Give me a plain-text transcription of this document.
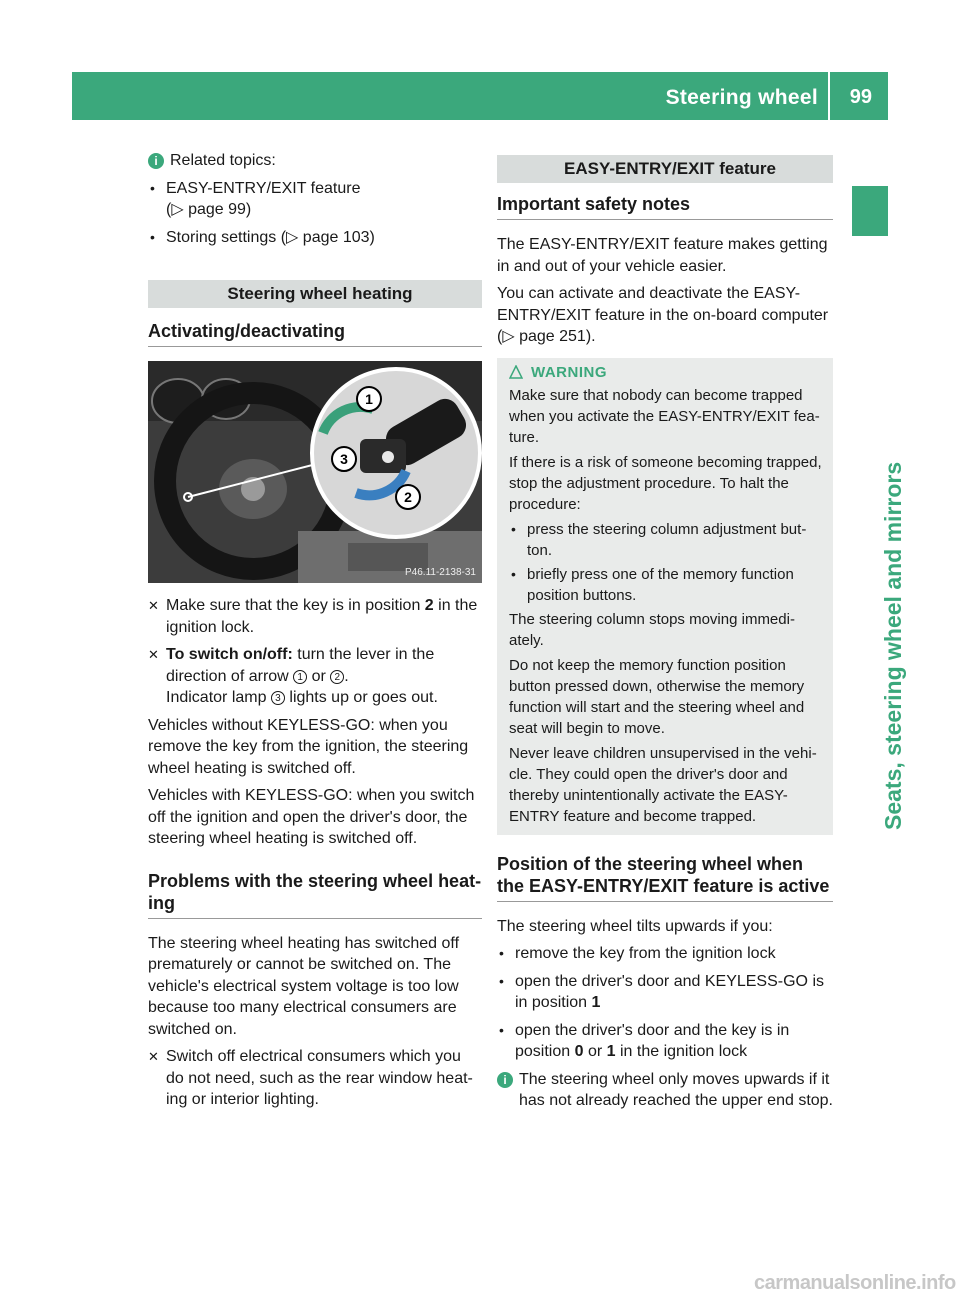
Steering wheel 99
Seats, steering wheel and mirrors
i Related topics:
• EASY-ENTRY/EXIT feature
(▷ page 99)
• Storing settings (▷ page 103)
Steering wheel heating
Activating/deactivating
1
3
2
P46.11-2138-31
✕ Make sure that the key is in position 2 in the ignition lock.

✕ To switch on/off: turn the lever in the direction of arrow 1 or 2 .
Indicator lamp 3 lights up or goes out.

Vehicles without KEYLESS-GO: when you remove the key from the ignition, the steering wheel heating is switched off.

Vehicles with KEYLESS-GO: when you switch off the ignition and open the driver's door, the steering wheel heating is switched off.

Problems with the steering wheel heating

The steering wheel heating has switched off prematurely or cannot be switched on. The vehicle's electrical system voltage is too low because too many electrical consumers are switched on.

✕ Switch off electrical consumers which you do not need, such as the rear window heating or interior lighting.

EASY-ENTRY/EXIT feature
Important safety notes

The EASY-ENTRY/EXIT feature makes getting in and out of your vehicle easier.

You can activate and deactivate the EASY-ENTRY/EXIT feature in the on-board computer (▷ page 251).

WARNING

Make sure that nobody can become trapped when you activate the EASY-ENTRY/EXIT feature.

If there is a risk of someone becoming trapped, stop the adjustment procedure. To halt the procedure:

• press the steering column adjustment button.
• briefly press one of the memory function position buttons.

The steering column stops moving immediately.

Do not keep the memory function position button pressed down, otherwise the memory function will start and the steering wheel and seat will begin to move.

Never leave children unsupervised in the vehicle. They could open the driver's door and thereby unintentionally activate the EASY-ENTRY feature and become trapped.

Position of the steering wheel when the EASY-ENTRY/EXIT feature is active

The steering wheel tilts upwards if you:

• remove the key from the ignition lock
• open the driver's door and KEYLESS-GO is in position 1
• open the driver's door and the key is in position 0 or 1 in the ignition lock
i The steering wheel only moves upwards if it has not already reached the upper end stop.
carmanualsonline.info
